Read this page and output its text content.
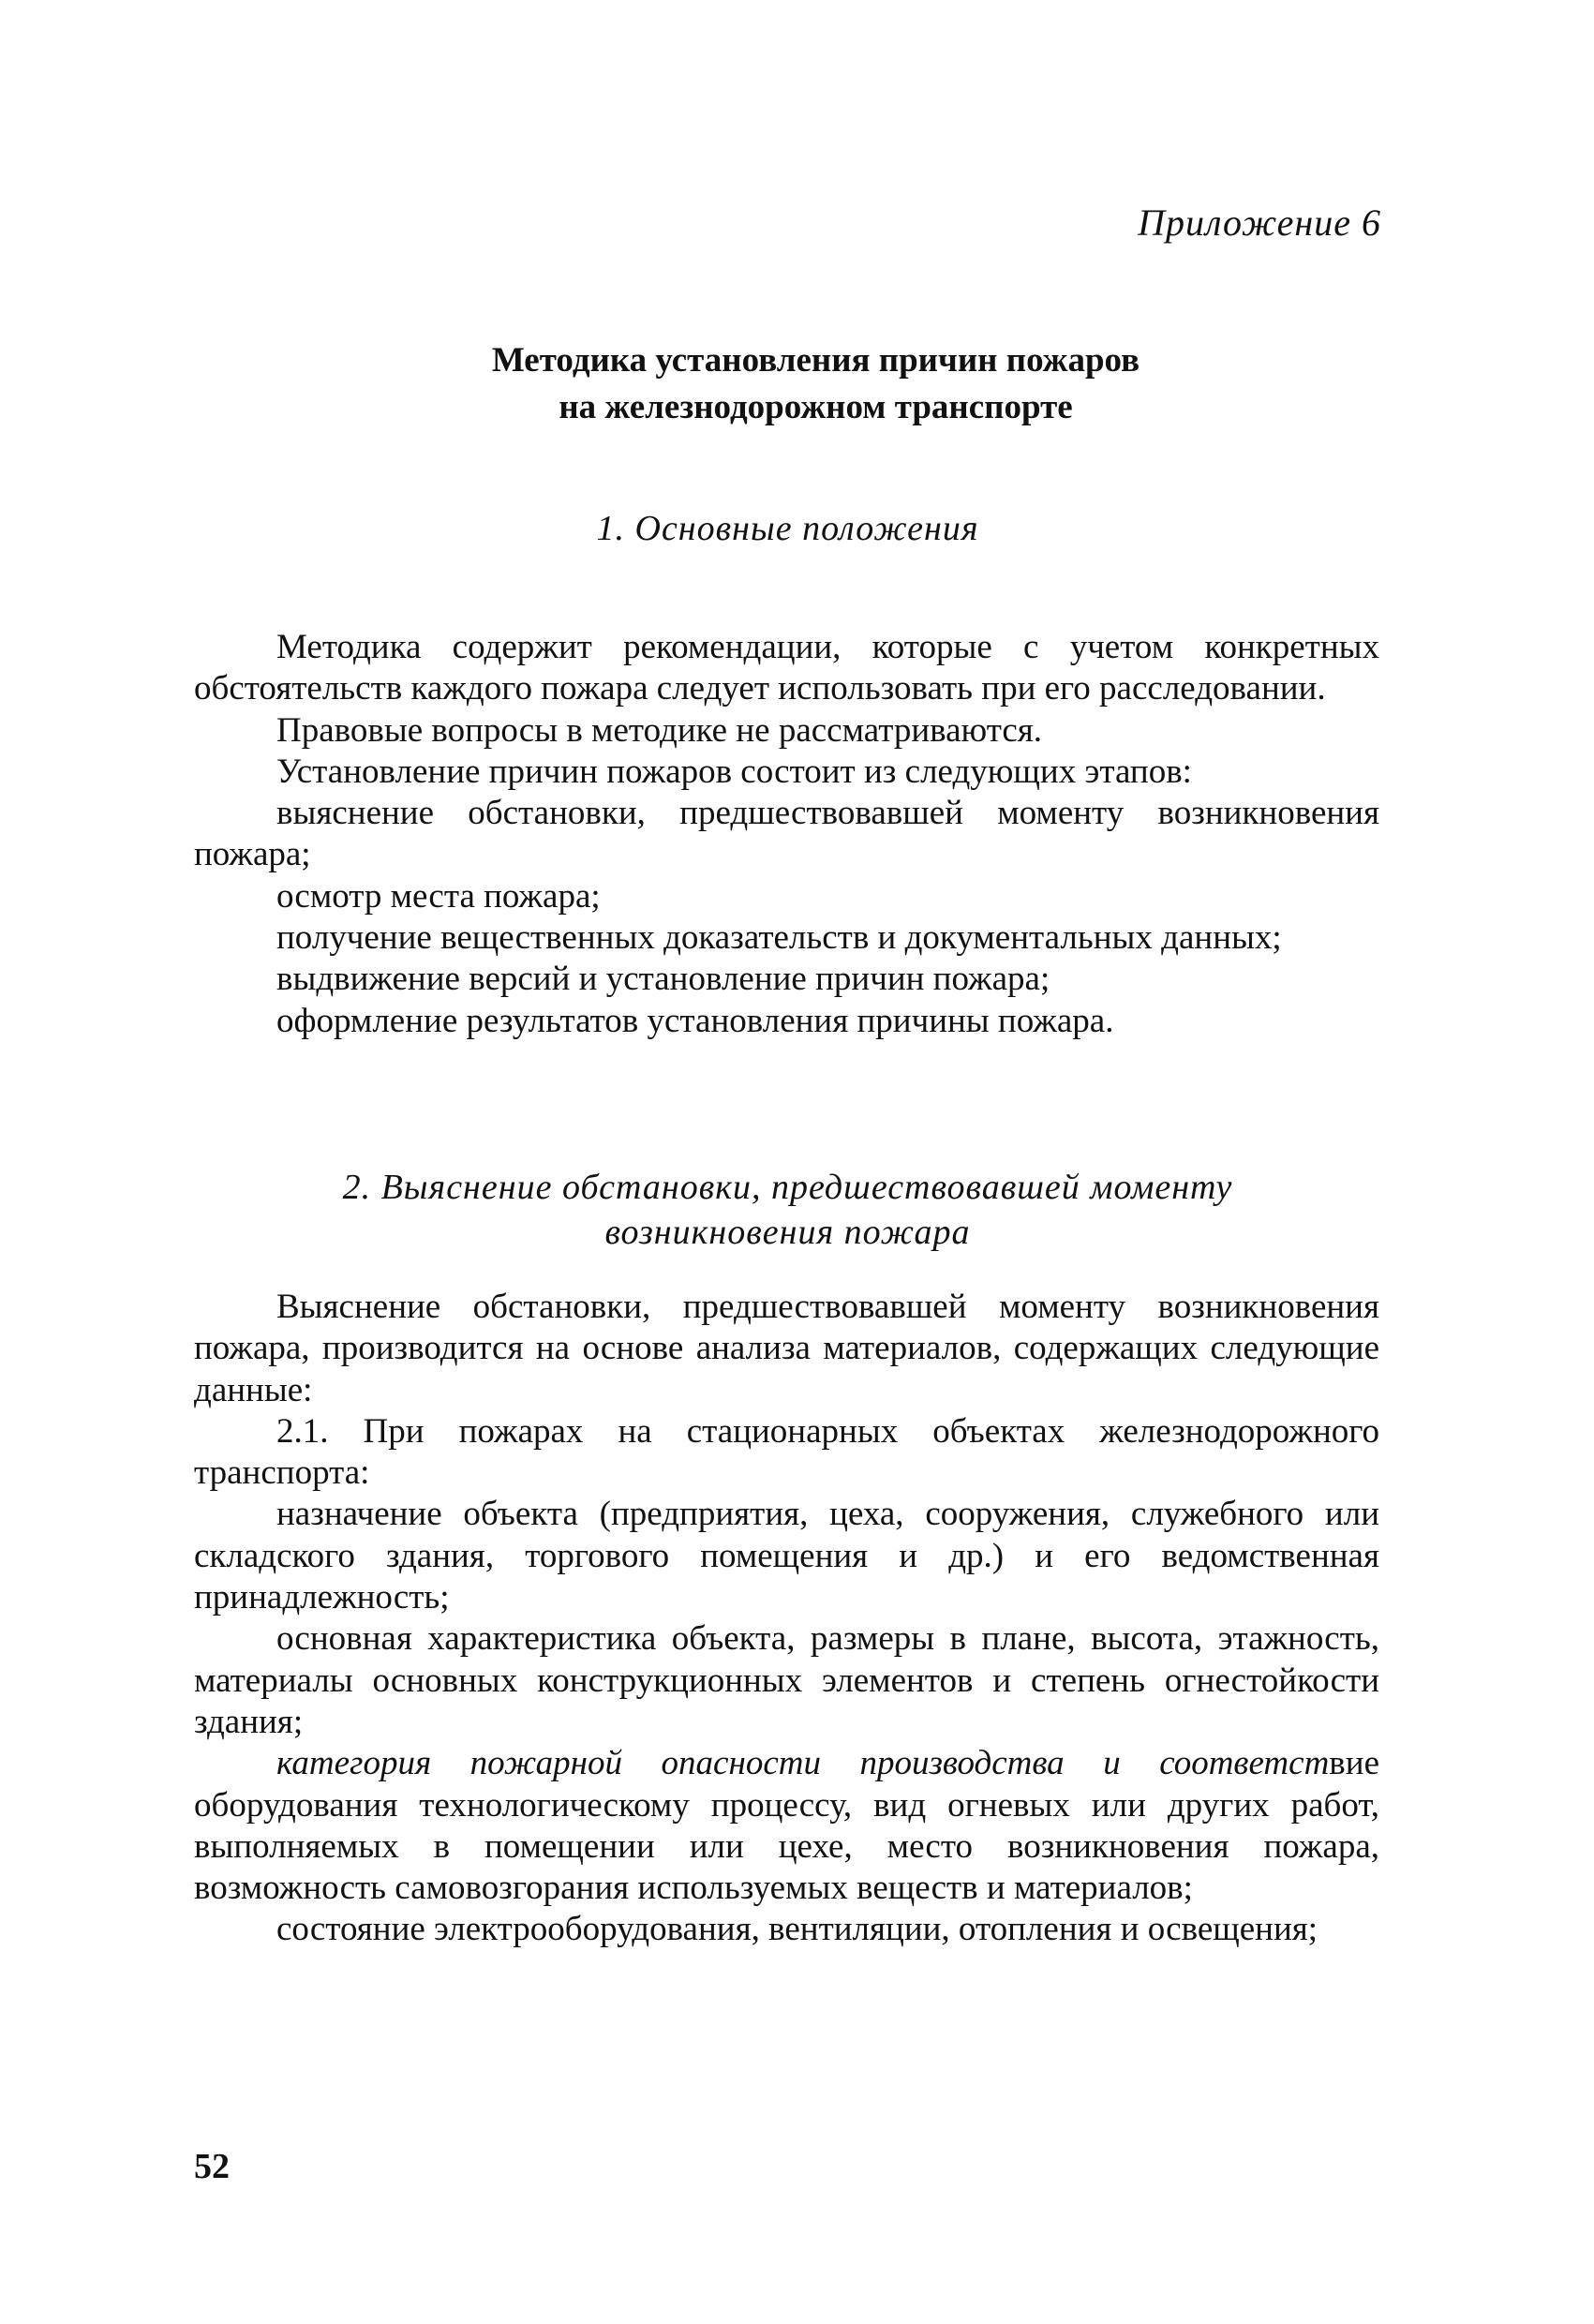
Приложение 6
Методика установления причин пожаров
на железнодорожном транспорте
1. Основные положения

Методика содержит рекомендации, которые с учетом конкретных обстоятельств каждого пожара следует использовать при его расследовании.

Правовые вопросы в методике не рассматриваются.

Установление причин пожаров состоит из следующих этапов:

выяснение обстановки, предшествовавшей моменту возникновения пожара;

осмотр места пожара;

получение вещественных доказательств и документальных данных;

выдвижение версий и установление причин пожара;

оформление результатов установления причины пожара.

2. Выяснение обстановки, предшествовавшей моменту
возникновения пожара

Выяснение обстановки, предшествовавшей моменту возникновения пожара, производится на основе анализа материалов, содержащих следующие данные:

2.1. При пожарах на стационарных объектах железнодорожного транспорта:

назначение объекта (предприятия, цеха, сооружения, служебного или складского здания, торгового помещения и др.) и его ведомственная принадлежность;

основная характеристика объекта, размеры в плане, высота, этажность, материалы основных конструкционных элементов и степень огнестойкости здания;

категория пожарной опасности производства и соответствие оборудования технологическому процессу, вид огневых или других работ, выполняемых в помещении или цехе, место возникновения пожара, возможность самовозгорания используемых веществ и материалов;

состояние электрооборудования, вентиляции, отопления и освещения;

52
